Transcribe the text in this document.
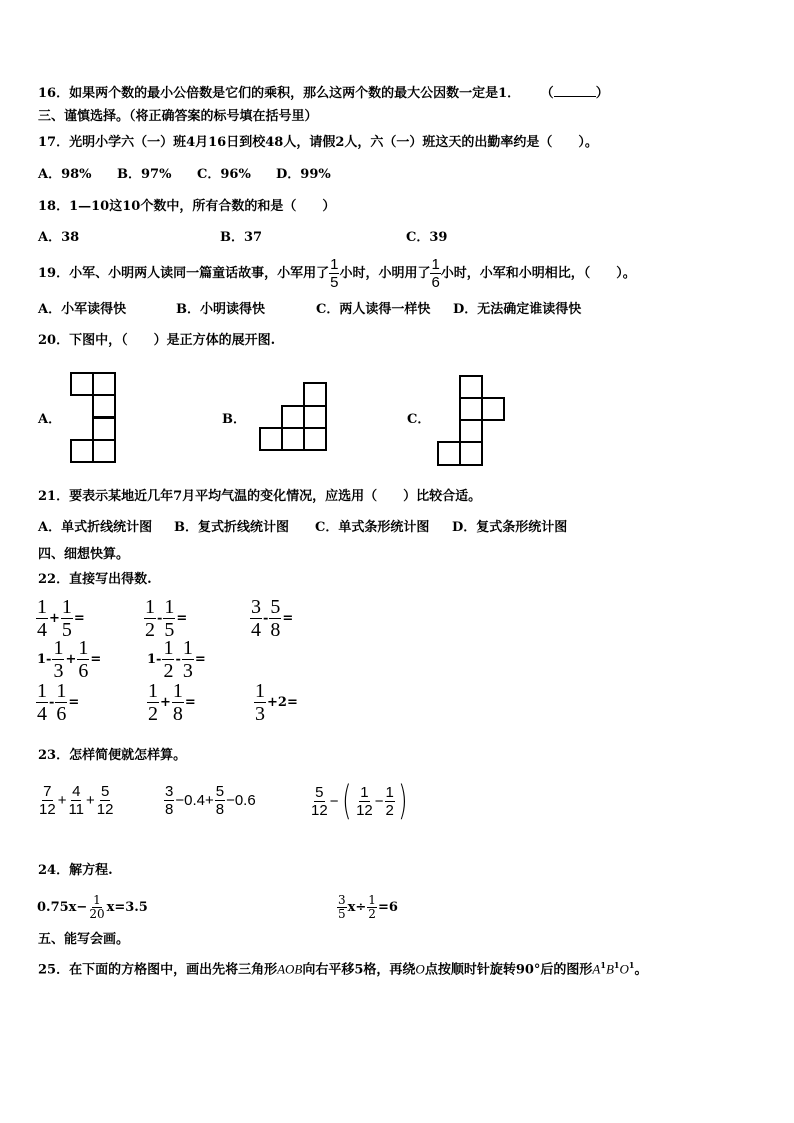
16．如果两个数的最小公倍数是它们的乘积，那么这两个数的最大公因数一定是1． （	）
三、谨慎选择。（将正确答案的标号填在括号里）
17．光明小学六（一）班4月16日到校48人，请假2人，六（一）班这天的出勤率约是（　　）。
A．98% B．97% C．96% D．99%
18．1—10这10个数中，所有合数的和是（　　）
A．38	B．37	C．39
19．小军、小明两人读同一篇童话故事，小军用了 $\frac{1}{5}$ 小时，小明用了 $\frac{1}{6}$ 小时，小军和小明相比，（　　）。
A．小军读得快	B．小明读得快	C．两人读得一样快 D．无法确定谁读得快
20．下图中，（　　）是正方体的展开图.
A．	B．	C．
21．要表示某地近几年7月平均气温的变化情况，应选用（　　）比较合适。
A．单式折线统计图 B．复式折线统计图 C．单式条形统计图 D．复式条形统计图
四、细想快算。
22．直接写出得数.
$\frac{1}{4} + \frac{1}{5}$ =	$\frac{1}{2} - \frac{1}{5}$ =	$\frac{3}{4} - \frac{5}{8}$ =
$1- \frac{1}{3} + \frac{1}{6}$ =	$1- \frac{1}{2} - \frac{1}{3}$ =
$\frac{1}{4} - \frac{1}{6}$ =	$\frac{1}{2} + \frac{1}{8}$ =	$\frac{1}{3} +2=$
23．怎样简便就怎样算。
$\frac{7}{12} + \frac{4}{11} + \frac{5}{12}$	$\frac{3}{8} -0.4+ \frac{5}{8} -0.6$	$\frac{5}{12}$ − ( $\frac{1}{12} - \frac{1}{2}$ )
24．解方程.
$0.75x- \frac{1}{20} x=3.5$	$\frac{3}{5} x\div \frac{1}{2} =6$
五、能写会画。
25．在下面的方格图中，画出先将三角形AOB向右平移5格，再绕O点按顺时针旋转90°后的图形$A^1B^1O^1$。
